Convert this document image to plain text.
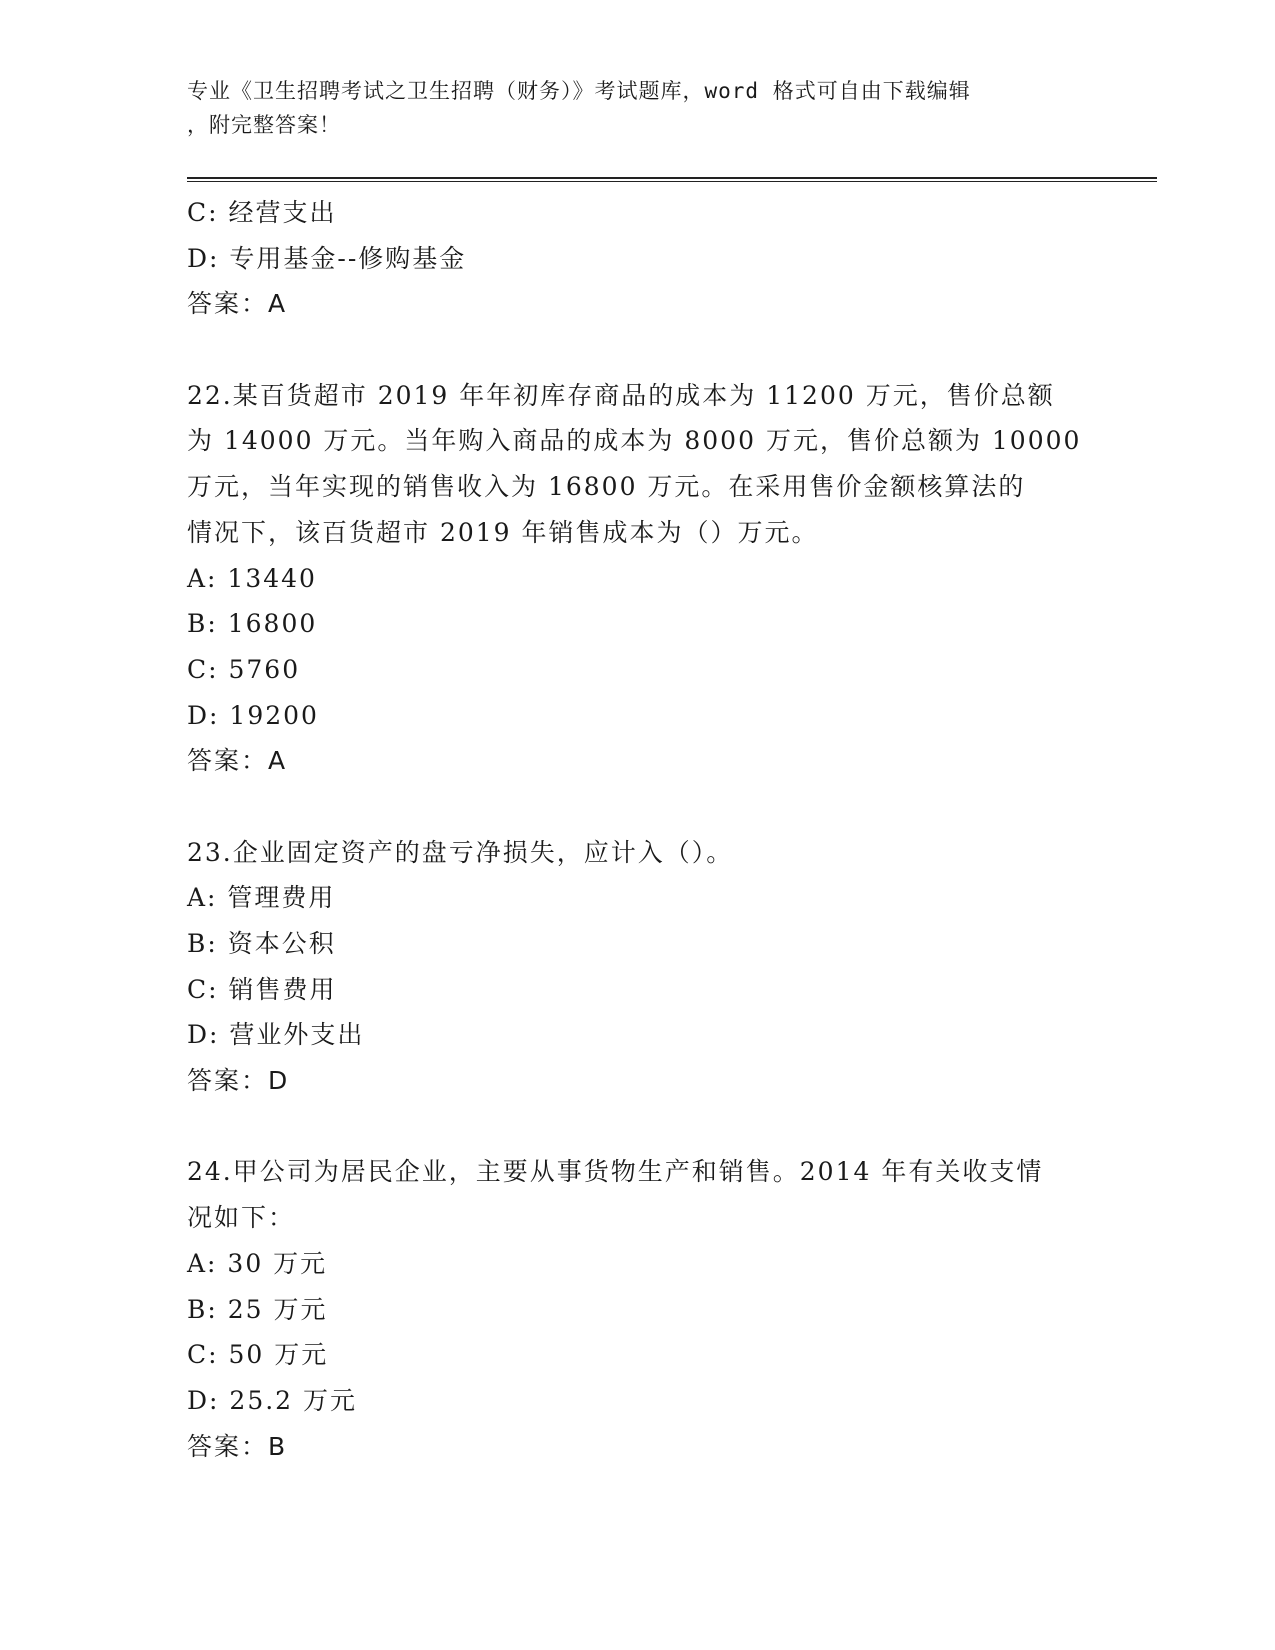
专业《卫生招聘考试之卫生招聘（财务）》考试题库，word 格式可自由下载编辑
，附完整答案！
C: 经营支出
D: 专用基金--修购基金
答案：A
22.某百货超市 2019 年年初库存商品的成本为 11200 万元，售价总额
为 14000 万元。当年购入商品的成本为 8000 万元，售价总额为 10000
万元，当年实现的销售收入为 16800 万元。在采用售价金额核算法的
情况下，该百货超市 2019 年销售成本为（）万元。
A: 13440
B: 16800
C: 5760
D: 19200
答案：A
23.企业固定资产的盘亏净损失，应计入（）。
A: 管理费用
B: 资本公积
C: 销售费用
D: 营业外支出
答案：D
24.甲公司为居民企业，主要从事货物生产和销售。2014 年有关收支情
况如下：
A: 30 万元
B: 25 万元
C: 50 万元
D: 25.2 万元
答案：B
